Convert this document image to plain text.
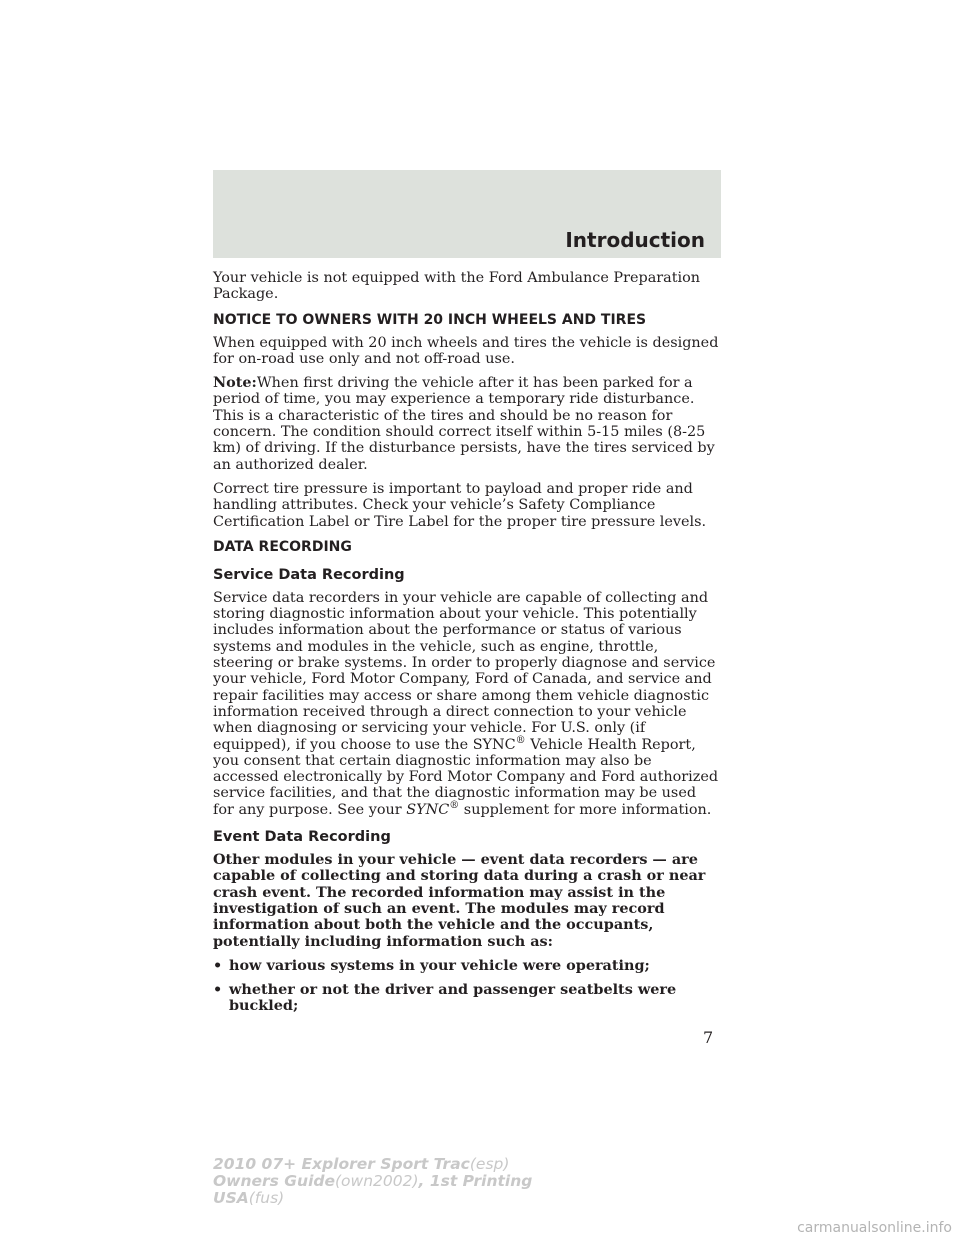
Introduction

Your vehicle is not equipped with the Ford Ambulance Preparation Package.

NOTICE TO OWNERS WITH 20 INCH WHEELS AND TIRES

When equipped with 20 inch wheels and tires the vehicle is designed for on-road use only and not off-road use.

Note:When first driving the vehicle after it has been parked for a period of time, you may experience a temporary ride disturbance. This is a characteristic of the tires and should be no reason for concern. The condition should correct itself within 5-15 miles (8-25 km) of driving. If the disturbance persists, have the tires serviced by an authorized dealer.

Correct tire pressure is important to payload and proper ride and handling attributes. Check your vehicle’s Safety Compliance Certification Label or Tire Label for the proper tire pressure levels.

DATA RECORDING
Service Data Recording

Service data recorders in your vehicle are capable of collecting and storing diagnostic information about your vehicle. This potentially includes information about the performance or status of various systems and modules in the vehicle, such as engine, throttle, steering or brake systems. In order to properly diagnose and service your vehicle, Ford Motor Company, Ford of Canada, and service and repair facilities may access or share among them vehicle diagnostic information received through a direct connection to your vehicle when diagnosing or servicing your vehicle. For U.S. only (if equipped), if you choose to use the SYNC® Vehicle Health Report, you consent that certain diagnostic information may also be accessed electronically by Ford Motor Company and Ford authorized service facilities, and that the diagnostic information may be used for any purpose. See your SYNC® supplement for more information.

Event Data Recording

Other modules in your vehicle — event data recorders — are capable of collecting and storing data during a crash or near crash event. The recorded information may assist in the investigation of such an event. The modules may record information about both the vehicle and the occupants, potentially including information such as:

• how various systems in your vehicle were operating;
• whether or not the driver and passenger seatbelts were buckled;
7
2010 07+ Explorer Sport Trac(esp)
Owners Guide(own2002), 1st Printing
USA(fus)
carmanualsonline.info
